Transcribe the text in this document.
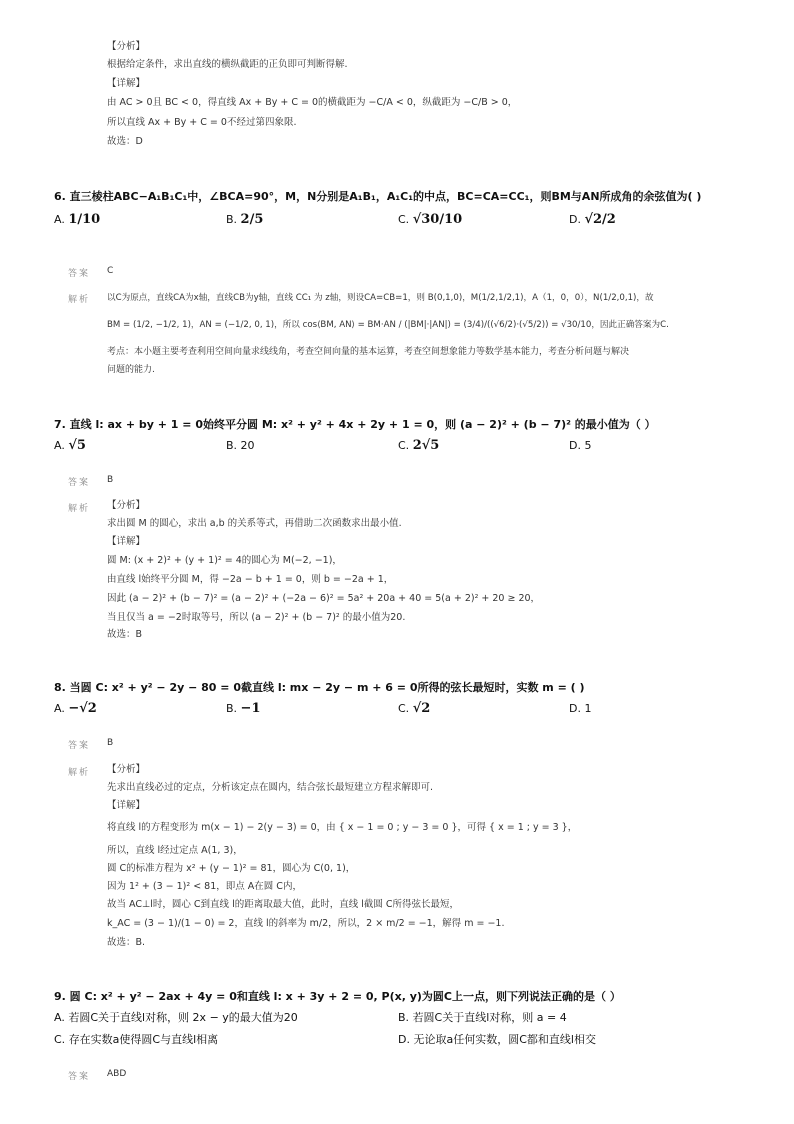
【分析】
根据给定条件，求出直线的横纵截距的正负即可判断得解.
【详解】
由 AC > 0且 BC < 0，得直线 Ax + By + C = 0的横截距为 −C/A < 0，纵截距为 −C/B > 0，
所以直线 Ax + By + C = 0不经过第四象限.
故选：D
6. 直三棱柱ABC−A₁B₁C₁中，∠BCA=90°，M，N分别是A₁B₁，A₁C₁的中点，BC=CA=CC₁，则BM与AN所成角的余弦值为( )
A. 1/10	B. 2/5	C. √30/10	D. √2/2
答案 C
解析 以C为原点，直线CA为x轴，直线CB为y轴，直线 CC₁ 为 z轴，则设CA=CB=1，则 B(0,1,0)，M(1/2,1/2,1)，A（1，0，0），N(1/2,0,1)，故
BM = (1/2, −1/2, 1)，AN = (−1/2, 0, 1)，所以 cos⟨BM, AN⟩ = BM·AN / (|BM|·|AN|) = (3/4)/((√6/2)·(√5/2)) = √30/10，因此正确答案为C.
考点：本小题主要考查利用空间向量求线线角，考查空间向量的基本运算，考查空间想象能力等数学基本能力，考查分析问题与解决
问题的能力.
7. 直线 l: ax + by + 1 = 0始终平分圆 M: x² + y² + 4x + 2y + 1 = 0，则 (a − 2)² + (b − 7)² 的最小值为（ ）
A. √5	B. 20	C. 2√5	D. 5
答案 B
解析 【分析】
求出圆 M 的圆心，求出 a,b 的关系等式，再借助二次函数求出最小值.
【详解】
圆 M: (x + 2)² + (y + 1)² = 4的圆心为 M(−2, −1)，
由直线 l始终平分圆 M，得 −2a − b + 1 = 0，则 b = −2a + 1，
因此 (a − 2)² + (b − 7)² = (a − 2)² + (−2a − 6)² = 5a² + 20a + 40 = 5(a + 2)² + 20 ≥ 20，
当且仅当 a = −2时取等号，所以 (a − 2)² + (b − 7)² 的最小值为20.
故选：B
8. 当圆 C: x² + y² − 2y − 80 = 0截直线 l: mx − 2y − m + 6 = 0所得的弦长最短时，实数 m = ( )
A. −√2	B. −1	C. √2	D. 1
答案 B
解析 【分析】
先求出直线必过的定点，分析该定点在圆内，结合弦长最短建立方程求解即可.
【详解】
将直线 l的方程变形为 m(x − 1) − 2(y − 3) = 0，由 { x − 1 = 0 ; y − 3 = 0 }，可得 { x = 1 ; y = 3 }，
所以，直线 l经过定点 A(1, 3)，
圆 C的标准方程为 x² + (y − 1)² = 81，圆心为 C(0, 1)，
因为 1² + (3 − 1)² < 81，即点 A在圆 C内，
故当 AC⊥l时，圆心 C到直线 l的距离取最大值，此时，直线 l截圆 C所得弦长最短，
k_AC = (3 − 1)/(1 − 0) = 2，直线 l的斜率为 m/2，所以，2 × m/2 = −1，解得 m = −1.
故选：B.
9. 圆 C: x² + y² − 2ax + 4y = 0和直线 l: x + 3y + 2 = 0, P(x, y)为圆C上一点，则下列说法正确的是（ ）
A. 若圆C关于直线l对称，则 2x − y的最大值为20	B. 若圆C关于直线l对称，则 a = 4
C. 存在实数a使得圆C与直线l相离	D. 无论取a任何实数，圆C都和直线l相交
答案 ABD
